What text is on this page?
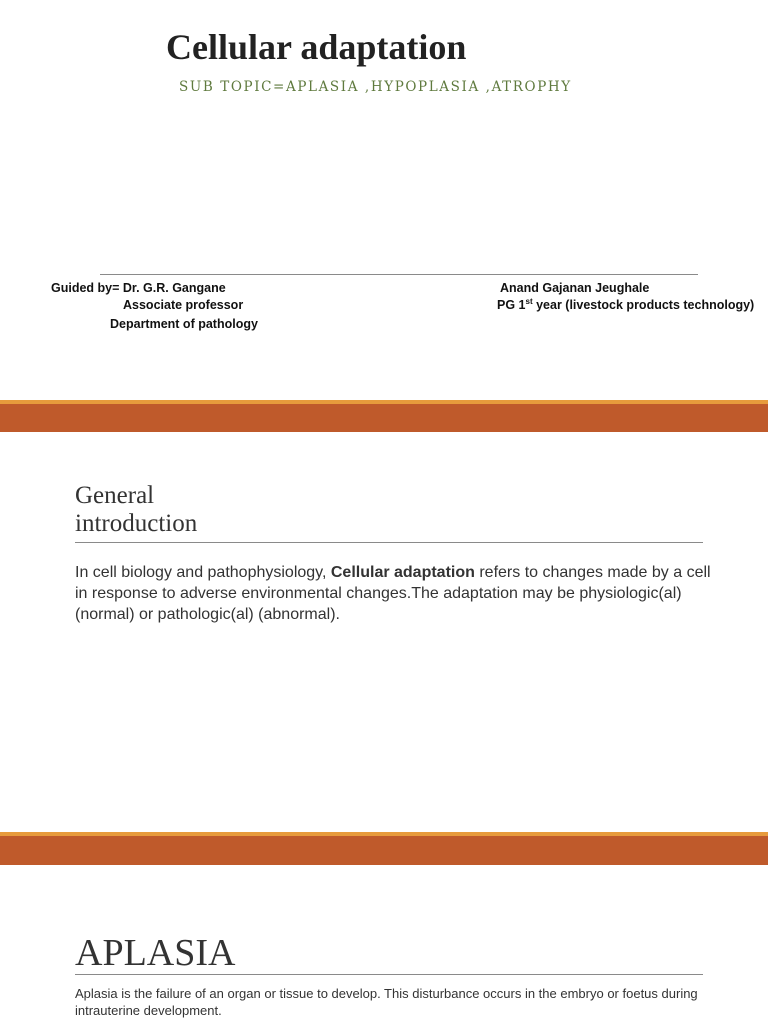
Cellular adaptation
SUB TOPIC=APLASIA ,HYPOPLASIA ,ATROPHY
Guided by= Dr. G.R. Gangane
Associate professor
Department of pathology
Anand Gajanan Jeughale
PG 1st year (livestock products technology)
General
introduction
In cell biology and pathophysiology, Cellular adaptation refers to changes made by a cell in response to adverse environmental changes.The adaptation may be physiologic(al) (normal) or pathologic(al) (abnormal).
APLASIA
Aplasia is the failure of an organ or tissue to develop. This disturbance occurs in the embryo or foetus during intrauterine development.
